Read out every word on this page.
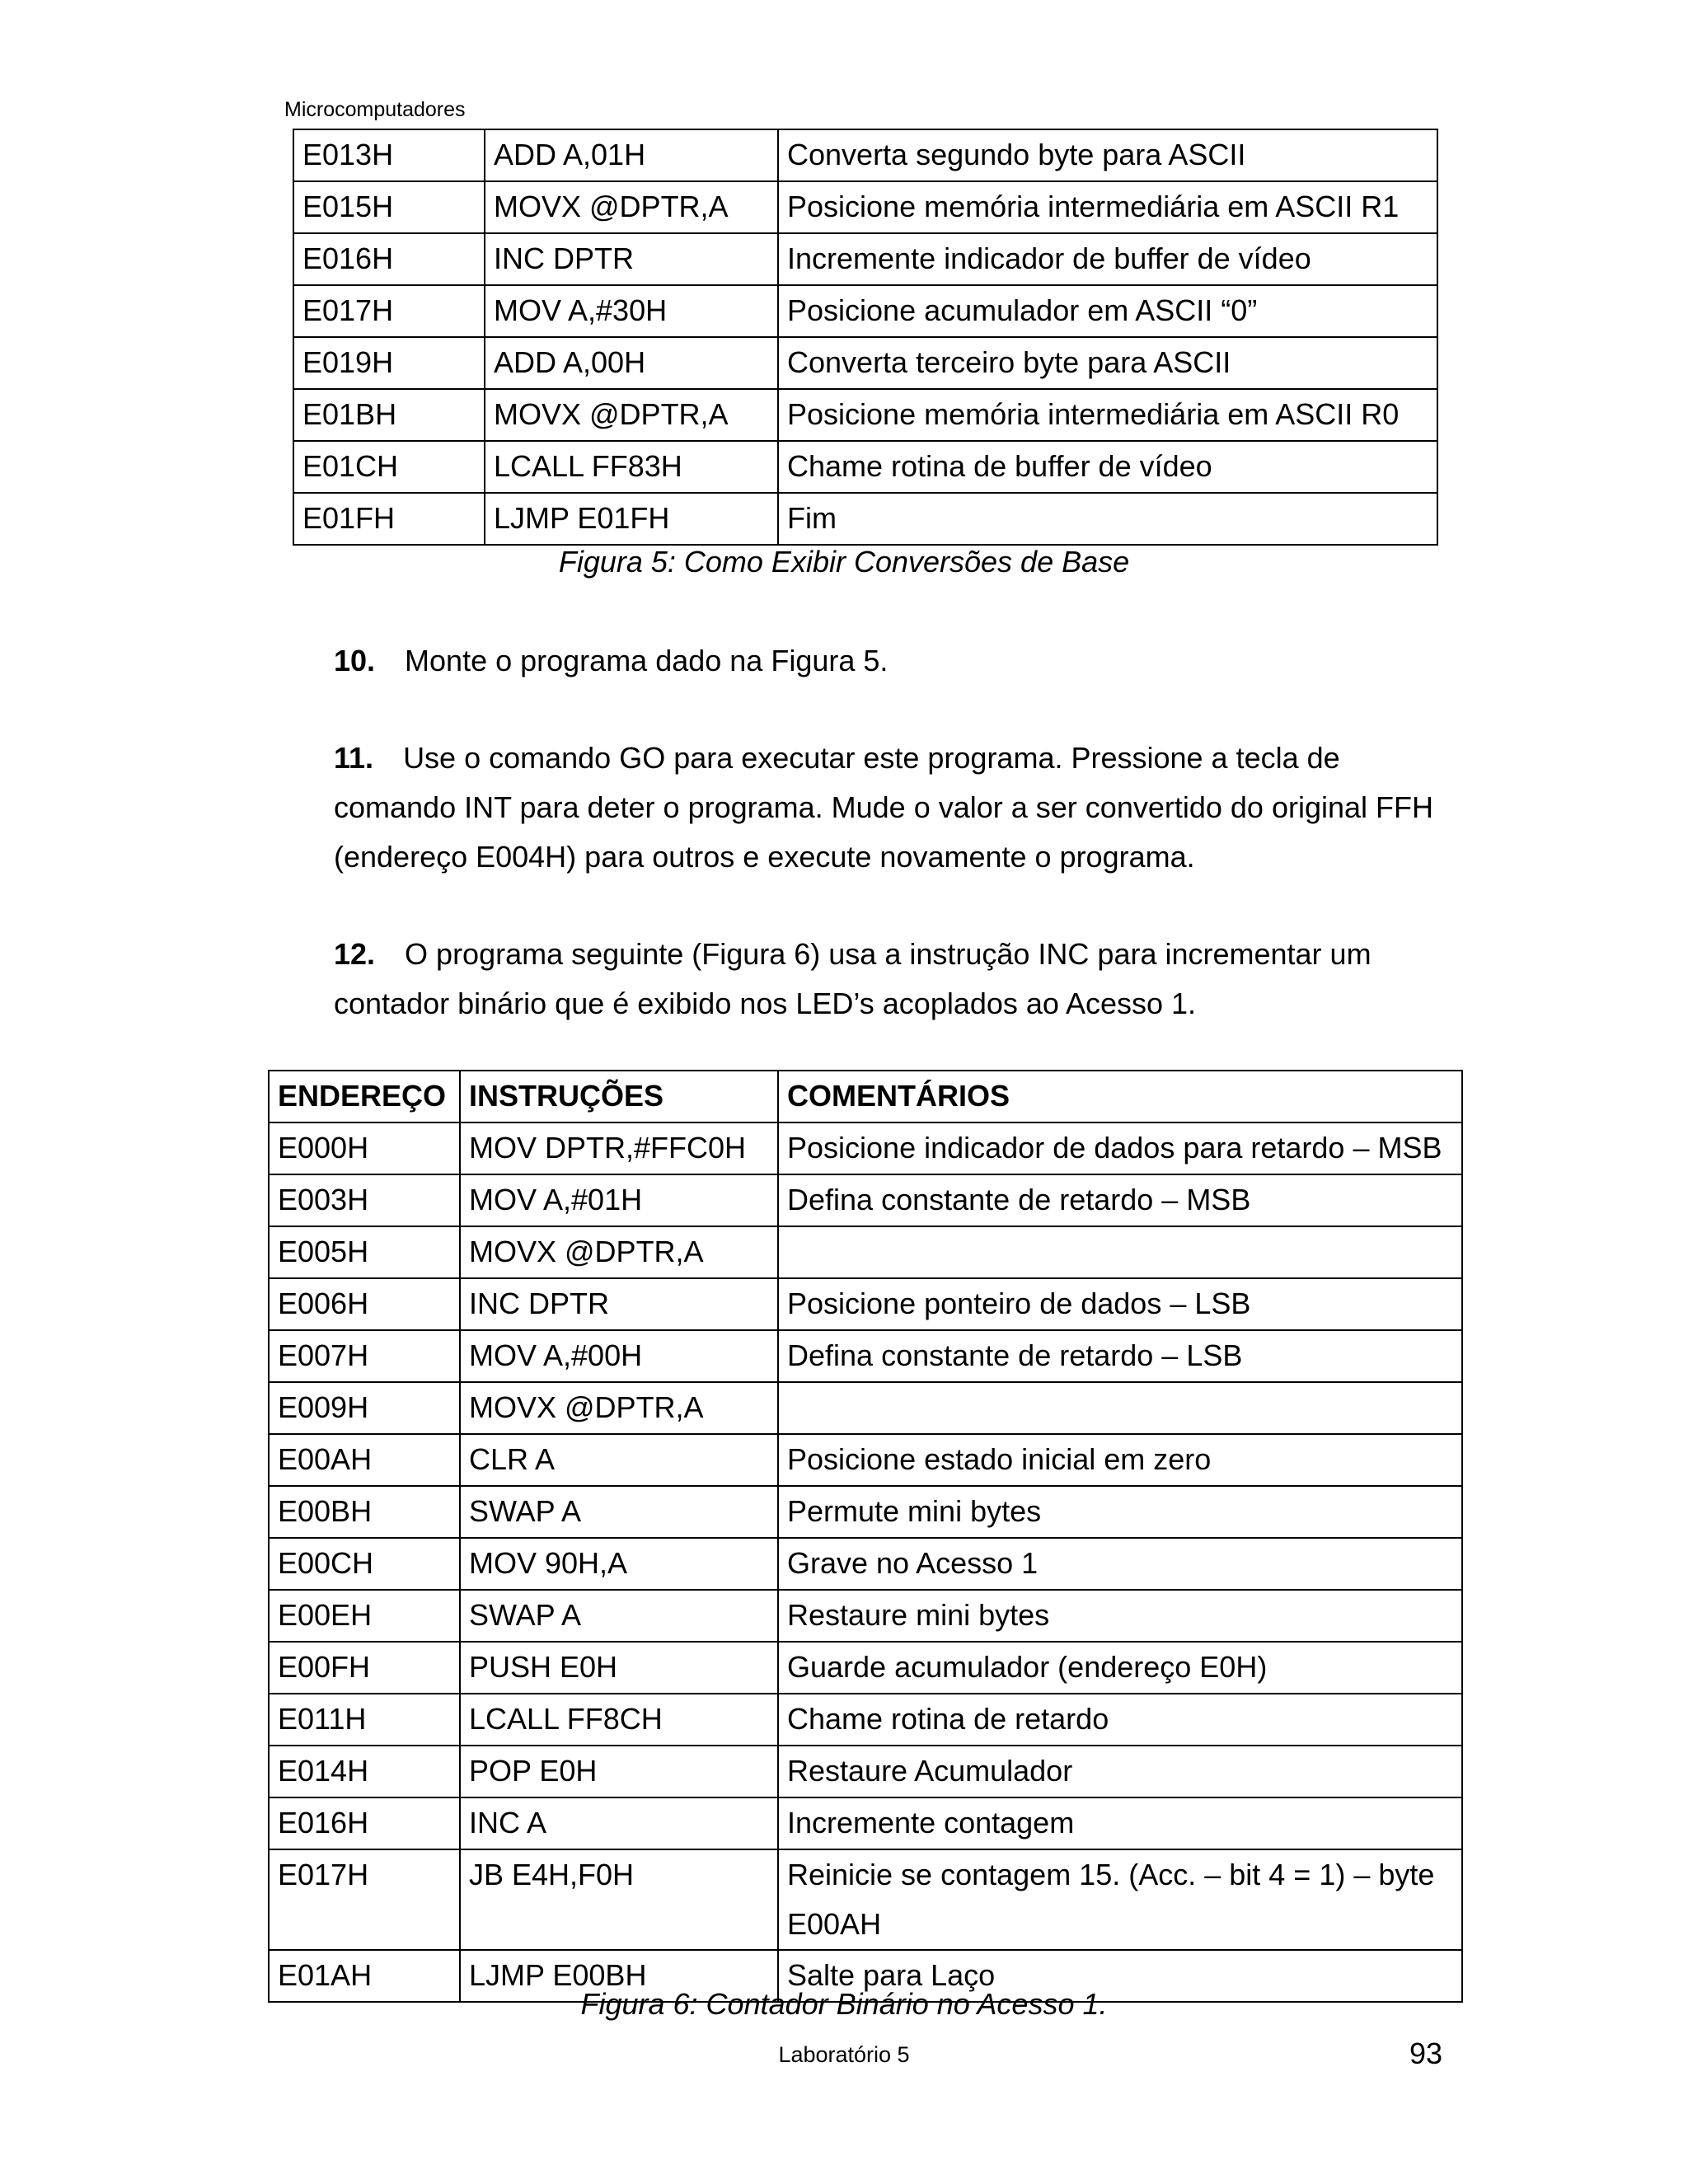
Microcomputadores
E013H	ADD A,01H	Converta segundo byte para ASCII
E015H	MOVX @DPTR,A	Posicione memória intermediária em ASCII R1
E016H	INC DPTR	Incremente indicador de buffer de vídeo
E017H	MOV A,#30H	Posicione acumulador em ASCII “0”
E019H	ADD A,00H	Converta terceiro byte para ASCII
E01BH	MOVX @DPTR,A	Posicione memória intermediária em ASCII R0
E01CH	LCALL FF83H	Chame rotina de buffer de vídeo
E01FH	LJMP E01FH	Fim
Figura 5: Como Exibir Conversões de Base
10. Monte o programa dado na Figura 5.
11. Use o comando GO para executar este programa. Pressione a tecla de comando INT para deter o programa. Mude o valor a ser convertido do original FFH (endereço E004H) para outros e execute novamente o programa.
12. O programa seguinte (Figura 6) usa a instrução INC para incrementar um contador binário que é exibido nos LED’s acoplados ao Acesso 1.
ENDEREÇO	INSTRUÇÕES	COMENTÁRIOS
E000H	MOV DPTR,#FFC0H	Posicione indicador de dados para retardo – MSB
E003H	MOV A,#01H	Defina constante de retardo – MSB
E005H	MOVX @DPTR,A	
E006H	INC DPTR	Posicione ponteiro de dados – LSB
E007H	MOV A,#00H	Defina constante de retardo – LSB
E009H	MOVX @DPTR,A	
E00AH	CLR A	Posicione estado inicial em zero
E00BH	SWAP A	Permute mini bytes
E00CH	MOV 90H,A	Grave no Acesso 1
E00EH	SWAP A	Restaure mini bytes
E00FH	PUSH E0H	Guarde acumulador (endereço E0H)
E011H	LCALL FF8CH	Chame rotina de retardo
E014H	POP E0H	Restaure Acumulador
E016H	INC A	Incremente contagem
E017H	JB E4H,F0H	Reinicie se contagem 15. (Acc. – bit 4 = 1) – byte E00AH
E01AH	LJMP E00BH	Salte para Laço
Figura 6: Contador Binário no Acesso 1.
Laboratório 5	93
